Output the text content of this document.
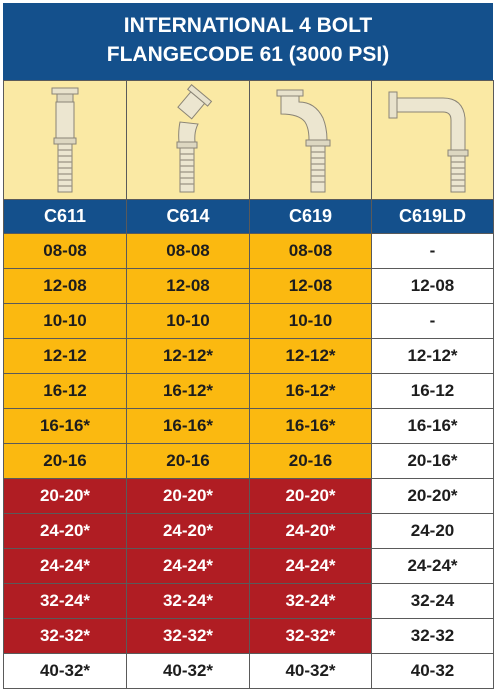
INTERNATIONAL 4 BOLT
FLANGECODE 61 (3000 PSI)

C611	C614	C619	C619LD
08-08	08-08	08-08	-
12-08	12-08	12-08	12-08
10-10	10-10	10-10	-
12-12	12-12*	12-12*	12-12*
16-12	16-12*	16-12*	16-12
16-16*	16-16*	16-16*	16-16*
20-16	20-16	20-16	20-16*
20-20*	20-20*	20-20*	20-20*
24-20*	24-20*	24-20*	24-20
24-24*	24-24*	24-24*	24-24*
32-24*	32-24*	32-24*	32-24
32-32*	32-32*	32-32*	32-32
40-32*	40-32*	40-32*	40-32
